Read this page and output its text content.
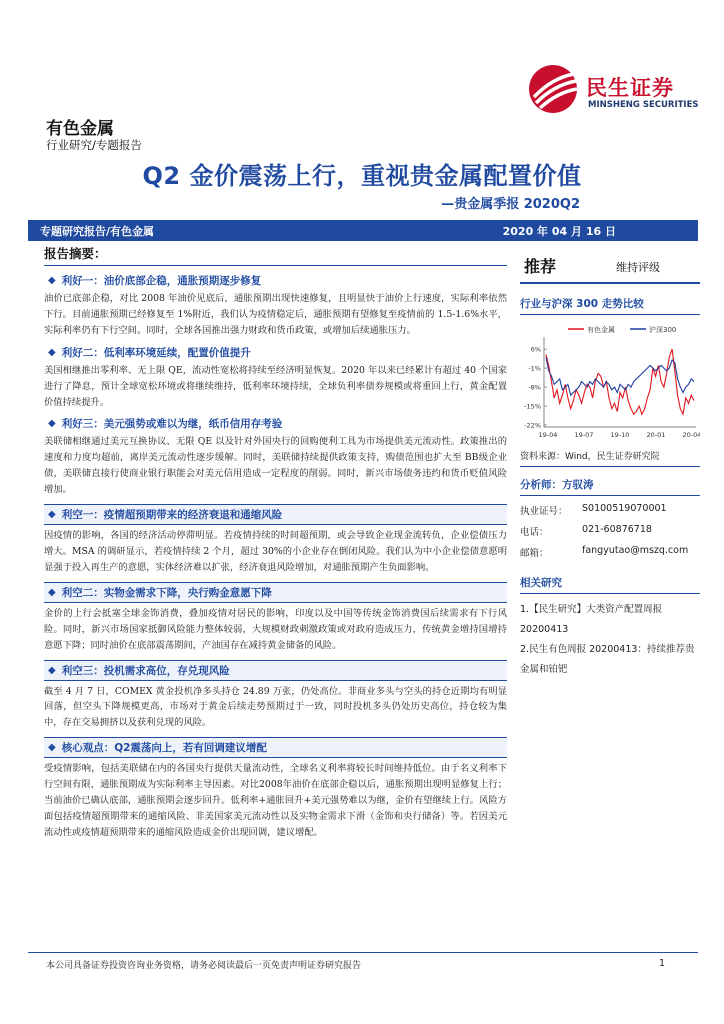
民生证券
MINSHENG SECURITIES
有色金属
行业研究/专题报告
Q2 金价震荡上行，重视贵金属配置价值
—贵金属季报 2020Q2
专题研究报告/有色金属	2020 年 04 月 16 日
报告摘要：
◆ 利好一：油价底部企稳，通胀预期逐步修复

油价已底部企稳，对比 2008 年油价见底后，通胀预期出现快速修复，且明显快于油价上行速度，实际利率依然下行。目前通胀预期已经修复至 1%附近，我们认为疫情稳定后，通胀预期有望修复至疫情前的 1.5-1.6%水平，实际利率仍有下行空间。同时，全球各国推出强力财政和货币政策，或增加后续通胀压力。

◆ 利好二：低利率环境延续，配置价值提升

美国相继推出零利率、无上限 QE，流动性宽松将持续至经济明显恢复。2020 年以来已经累计有超过 40 个国家进行了降息，预计全球宽松环境或将继续维持，低利率环境持续，全球负利率债券规模或将重回上行，黄金配置价值持续提升。

◆ 利好三：美元强势或难以为继，纸币信用存考验

美联储相继通过美元互换协议、无限 QE 以及针对外国央行的回购便利工具为市场提供美元流动性。政策推出的速度和力度均超前，离岸美元流动性逐步缓解。同时，美联储持续提供政策支持，购债范围也扩大至 BB级企业债，美联储直接行使商业银行职能会对美元信用造成一定程度的削弱。同时，新兴市场债务违约和货币贬值风险增加。

◆ 利空一：疫情超预期带来的经济衰退和通缩风险

因疫情的影响，各国的经济活动停滞明显。若疫情持续的时间超预期，或会导致企业现金流转负，企业偿债压力增大。MSA 的调研显示，若疫情持续 2 个月，超过 30%的小企业存在倒闭风险。我们认为中小企业偿债意愿明显强于投入再生产的意愿，实体经济难以扩张，经济衰退风险增加，对通胀预期产生负面影响。

◆ 利空二：实物金需求下降，央行购金意愿下降

金价的上行会抵塞全球金饰消费，叠加疫情对居民的影响，印度以及中国等传统金饰消费国后续需求有下行风险。同时，新兴市场国家抵御风险能力整体较弱，大规模财政刺激政策或对政府造成压力，传统黄金增持国增持意愿下降；同时油价在底部震荡期间，产油国存在减持黄金储备的风险。

◆ 利空三：投机需求高位，存兑现风险

截至 4 月 7 日，COMEX 黄金投机净多头持仓 24.89 万张，仍处高位。非商业多头与空头的持仓近期均有明显回落，但空头下降规模更高，市场对于黄金后续走势预期过于一致，同时投机多头仍处历史高位，持仓较为集中，存在交易拥挤以及获利兑现的风险。

◆ 核心观点：Q2震荡向上，若有回调建议增配

受疫情影响，包括美联储在内的各国央行提供天量流动性，全球名义利率将较长时间维持低位。由于名义利率下行空间有限，通胀预期成为实际利率主导因素。对比2008年油价在底部企稳以后，通胀预期出现明显修复上行；当前油价已确认底部，通胀预期会逐步回升。低利率+通胀回升+美元强势难以为继，金价有望继续上行。风险方面包括疫情超预期带来的通缩风险、非美国家美元流动性以及实物金需求下滑（金饰和央行储备）等。若因美元流动性或疫情超预期带来的通缩风险造成金价出现回调，建议增配。

推荐	维持评级
行业与沪深 300 走势比较
有色金属	沪深300
6%
-1%
-8%
-15%
-22%
19-04	19-07	19-10	20-01	20-04
资料来源：Wind，民生证券研究院
分析师：方驭涛
执业证号：	S0100519070001
电话：	021-60876718
邮箱：	fangyutao@mszq.com
相关研究
1.【民生研究】大类资产配置周报20200413
2.民生有色周报 20200413：持续推荐贵金属和铂钯
本公司具备证券投资咨询业务资格，请务必阅读最后一页免责声明证券研究报告	1
